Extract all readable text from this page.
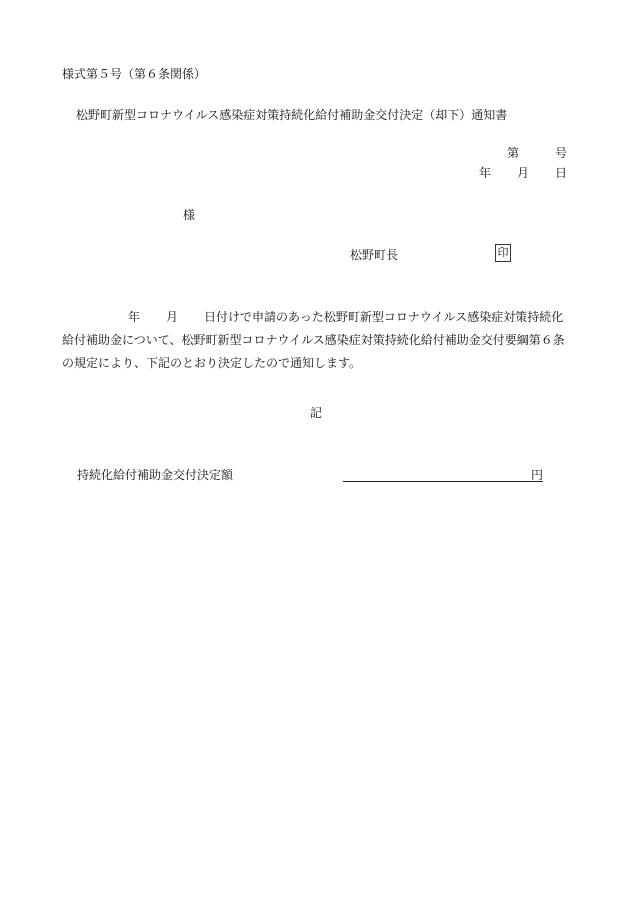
様式第５号（第６条関係）
松野町新型コロナウイルス感染症対策持続化給付補助金交付決定（却下）通知書
第	号
年 月 日
様
松野町長	印
年 月 日付けで申請のあった松野町新型コロナウイルス感染症対策持続化給付補助金について、松野町新型コロナウイルス感染症対策持続化給付補助金交付要綱第６条の規定により、下記のとおり決定したので通知します。
記
持続化給付補助金交付決定額	円
